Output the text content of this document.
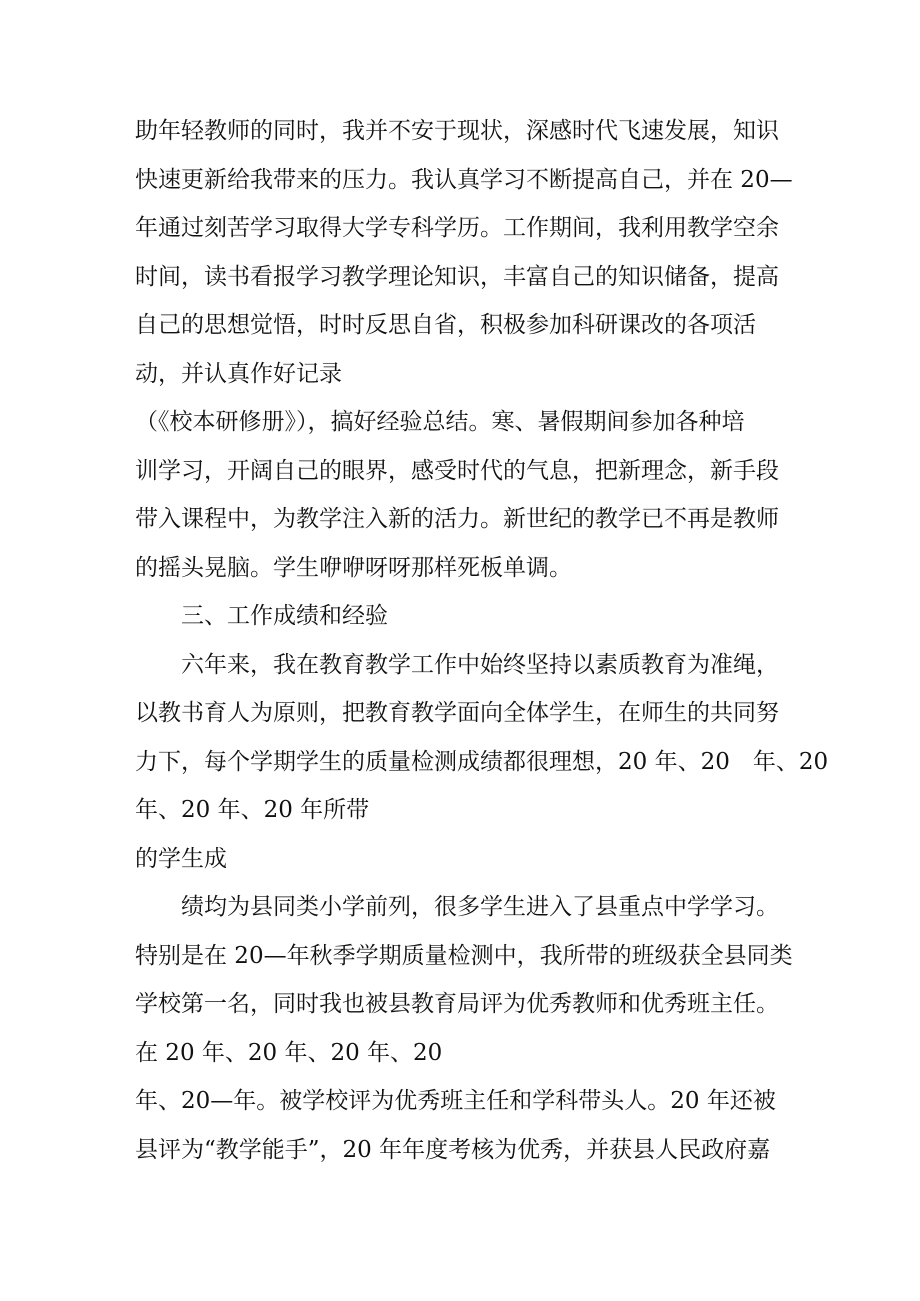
助年轻教师的同时，我并不安于现状，深感时代飞速发展，知识
快速更新给我带来的压力。我认真学习不断提高自己，并在 20—
年通过刻苦学习取得大学专科学历。工作期间，我利用教学空余
时间，读书看报学习教学理论知识，丰富自己的知识储备，提高
自己的思想觉悟，时时反思自省，积极参加科研课改的各项活
动，并认真作好记录
（《校本研修册》），搞好经验总结。寒、暑假期间参加各种培
训学习，开阔自己的眼界，感受时代的气息，把新理念，新手段
带入课程中，为教学注入新的活力。新世纪的教学已不再是教师
的摇头晃脑。学生咿咿呀呀那样死板单调。
三、工作成绩和经验
六年来，我在教育教学工作中始终坚持以素质教育为准绳，
以教书育人为原则，把教育教学面向全体学生，在师生的共同努
力下，每个学期学生的质量检测成绩都很理想，20 年、20　年、20
年、20 年、20 年所带
的学生成
绩均为县同类小学前列，很多学生进入了县重点中学学习。
特别是在 20—年秋季学期质量检测中，我所带的班级获全县同类
学校第一名，同时我也被县教育局评为优秀教师和优秀班主任。
在 20 年、20 年、20 年、20
年、20—年。被学校评为优秀班主任和学科带头人。20 年还被
县评为“教学能手”，20 年年度考核为优秀，并获县人民政府嘉
